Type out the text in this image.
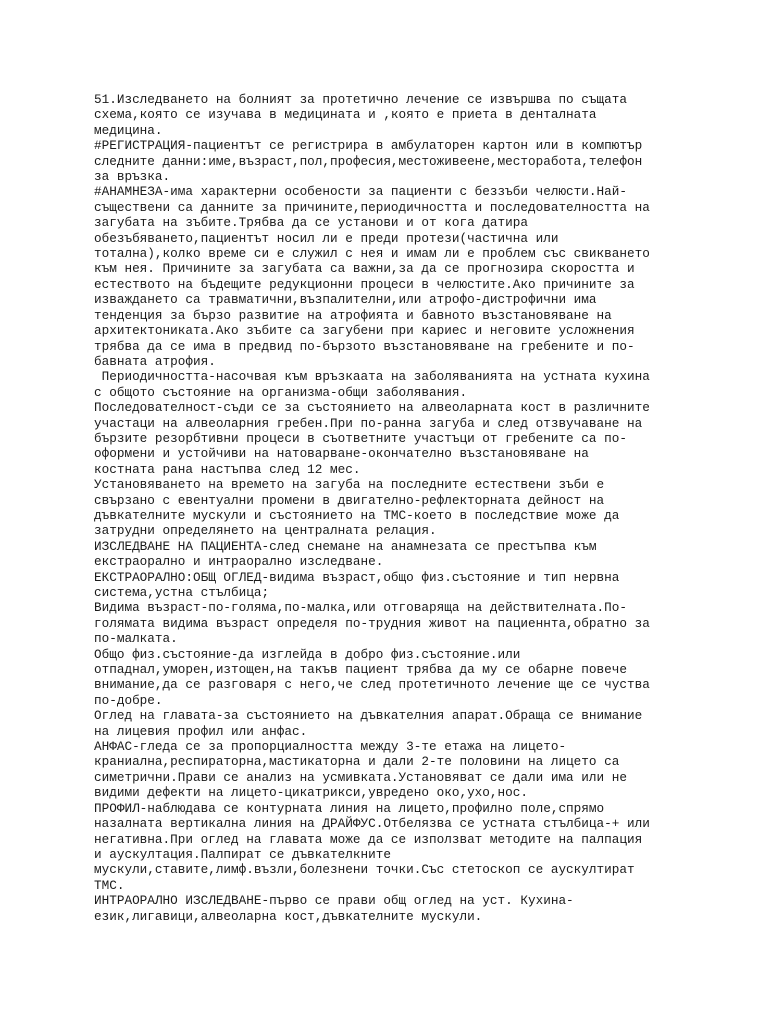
51.Изследването на болният за протетично лечение се извършва по същата

схема,която се изучава в медицината и ,която е приета в денталната

медицина.

#РЕГИСТРАЦИЯ-пациентът се регистрира в амбулаторен картон или в компютър

следните данни:име,възраст,пол,професия,местоживеене,месторабота,телефон

за връзка.

#АНАМНЕЗА-има характерни особености за пациенти с беззъби челюсти.Най-

съществени са данните за причините,периодичността и последователността на

загубата на зъбите.Трябва да се установи и от кога датира

обезъбяването,пациентът носил ли е преди протези(частична или

тотална),колко време си е служил с нея и имам ли е проблем със свикването

към нея. Причините за загубата са важни,за да се прогнозира скоростта и

естеството на бъдещите редукционни процеси в челюстите.Ако причините за

изваждането са травматични,възпалителни,или атрофо-дистрофични има

тенденция за бързо развитие на атрофията и бавното възстановяване на

архитектониката.Ако зъбите са загубени при кариес и неговите усложнения

трябва да се има в предвид по-бързото възстановяване на гребените и по-

бавната атрофия.

Периодичността-насочвая към връзкаата на заболяванията на устната кухина

с общото състояние на организма-общи заболявания.

Последователност-съди се за състоянието на алвеоларната кост в различните

участаци на алвеоларния гребен.При по-ранна загуба и след отзвучаване на

бързите резорбтивни процеси в съответните участъци от гребените са по-

оформени и устойчиви на натоварване-окончателно възстановяване на

костната рана настъпва след 12 мес.

Установяването на времето на загуба на последните естествени зъби е

свързано с евентуални промени в двигателно-рефлекторната дейност на

дъвкателните мускули и състоянието на ТМС-което в последствие може да

затрудни определянето на централната релация.

ИЗСЛЕДВАНЕ НА ПАЦИЕНТА-след снемане на анамнезата се престъпва към

екстраорално и интраорално изследване.

ЕКСТРАОРАЛНО:ОБЩ ОГЛЕД-видима възраст,общо физ.състояние и тип нервна

система,устна стълбица;

Видима възраст-по-голяма,по-малка,или отговаряща на действителната.По-

голямата видима възраст определя по-трудния живот на пациеннта,обратно за

по-малката.

Общо физ.състояние-да изглейда в добро физ.състояние.или

отпаднал,уморен,изтощен,на такъв пациент трябва да му се обарне повече

внимание,да се разговаря с него,че след протетичното лечение ще се чуства

по-добре.

Оглед на главата-за състоянието на дъвкателния апарат.Обраща се внимание

на лицевия профил или анфас.

АНФАС-гледа се за пропорциалността между 3-те етажа на лицето-

краниална,респираторна,мастикаторна и дали 2-те половини на лицето са

симетрични.Прави се анализ на усмивката.Установяват се дали има или не

видими дефекти на лицето-цикатрикси,увредено око,ухо,нос.

ПРОФИЛ-наблюдава се контурната линия на лицето,профилно поле,спрямо

назалната вертикална линия на ДРАЙФУС.Отбелязва се устната стълбица-+ или

негативна.При оглед на главата може да се използват методите на палпация

и аускултация.Палпират се дъвкателкните

мускули,ставите,лимф.възли,болезнени точки.Със стетоскоп се аускултират

ТМС.

ИНТРАОРАЛНО ИЗСЛЕДВАНЕ-първо се прави общ оглед на уст. Кухина-

език,лигавици,алвеоларна кост,дъвкателните мускули.
